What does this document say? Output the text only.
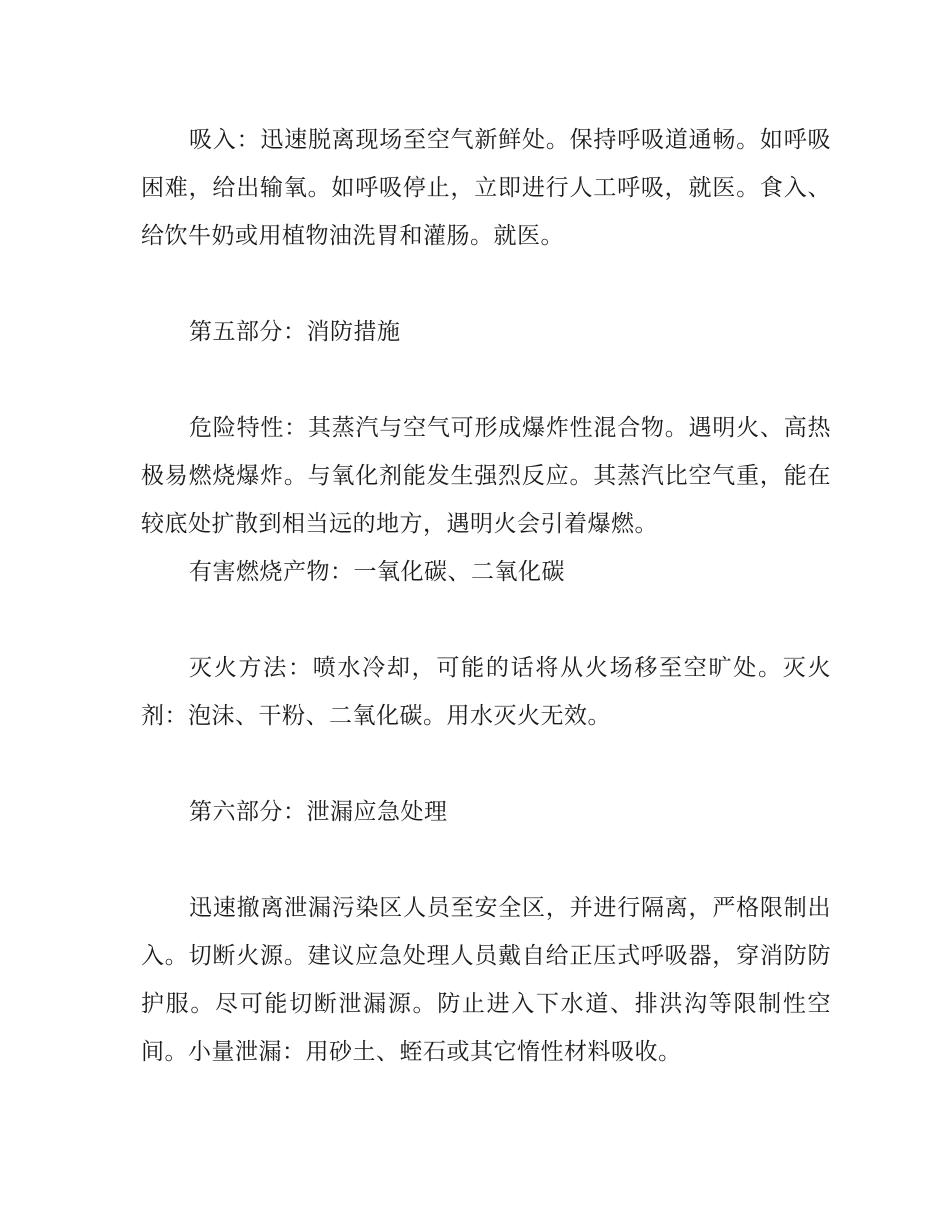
吸入：迅速脱离现场至空气新鲜处。保持呼吸道通畅。如呼吸困难，给出输氧。如呼吸停止，立即进行人工呼吸，就医。食入、给饮牛奶或用植物油洗胃和灌肠。就医。

第五部分：消防措施

危险特性：其蒸汽与空气可形成爆炸性混合物。遇明火、高热极易燃烧爆炸。与氧化剂能发生强烈反应。其蒸汽比空气重，能在较底处扩散到相当远的地方，遇明火会引着爆燃。

有害燃烧产物：一氧化碳、二氧化碳

灭火方法：喷水冷却，可能的话将从火场移至空旷处。灭火剂：泡沫、干粉、二氧化碳。用水灭火无效。

第六部分：泄漏应急处理

迅速撤离泄漏污染区人员至安全区，并进行隔离，严格限制出入。切断火源。建议应急处理人员戴自给正压式呼吸器，穿消防防护服。尽可能切断泄漏源。防止进入下水道、排洪沟等限制性空间。小量泄漏：用砂土、蛭石或其它惰性材料吸收。
